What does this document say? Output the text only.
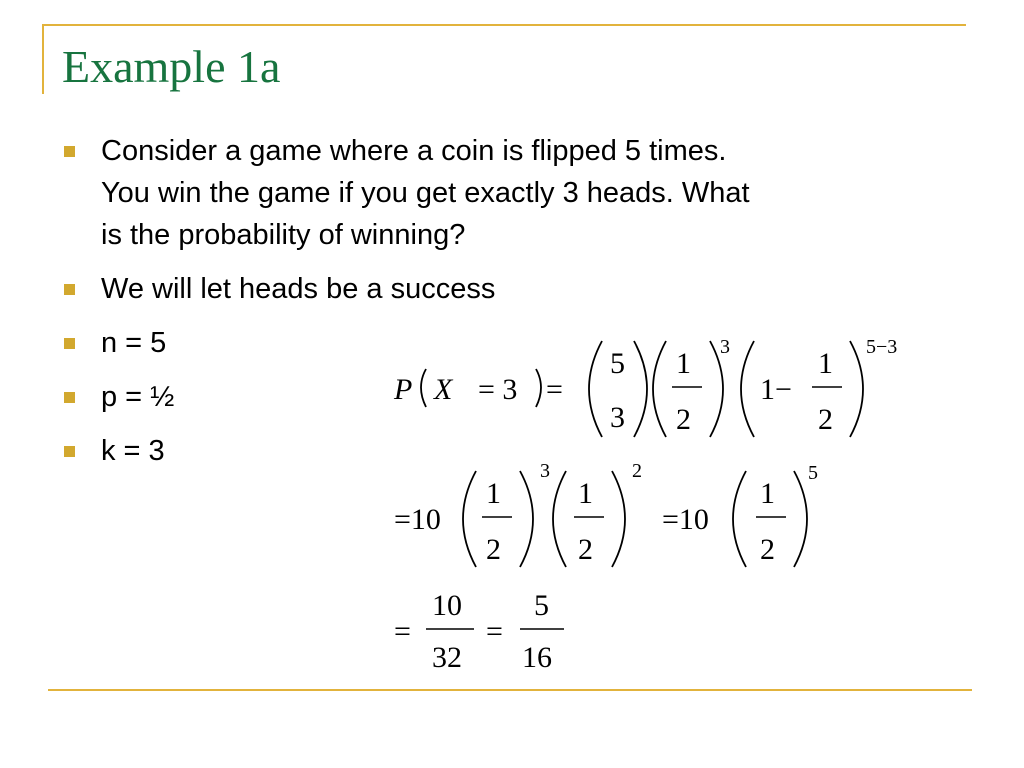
Example 1a
Consider a game where a coin is flipped 5 times.
You win the game if you get exactly 3 heads. What
is the probability of winning?
We will let heads be a success
n = 5
p = ½
k = 3
P X = 3 =
5
3
1
2
3
1−
1
2
5−3
=10
1
2
3
1
2
2
=10
1
2
5
=
10
32
=
5
16
